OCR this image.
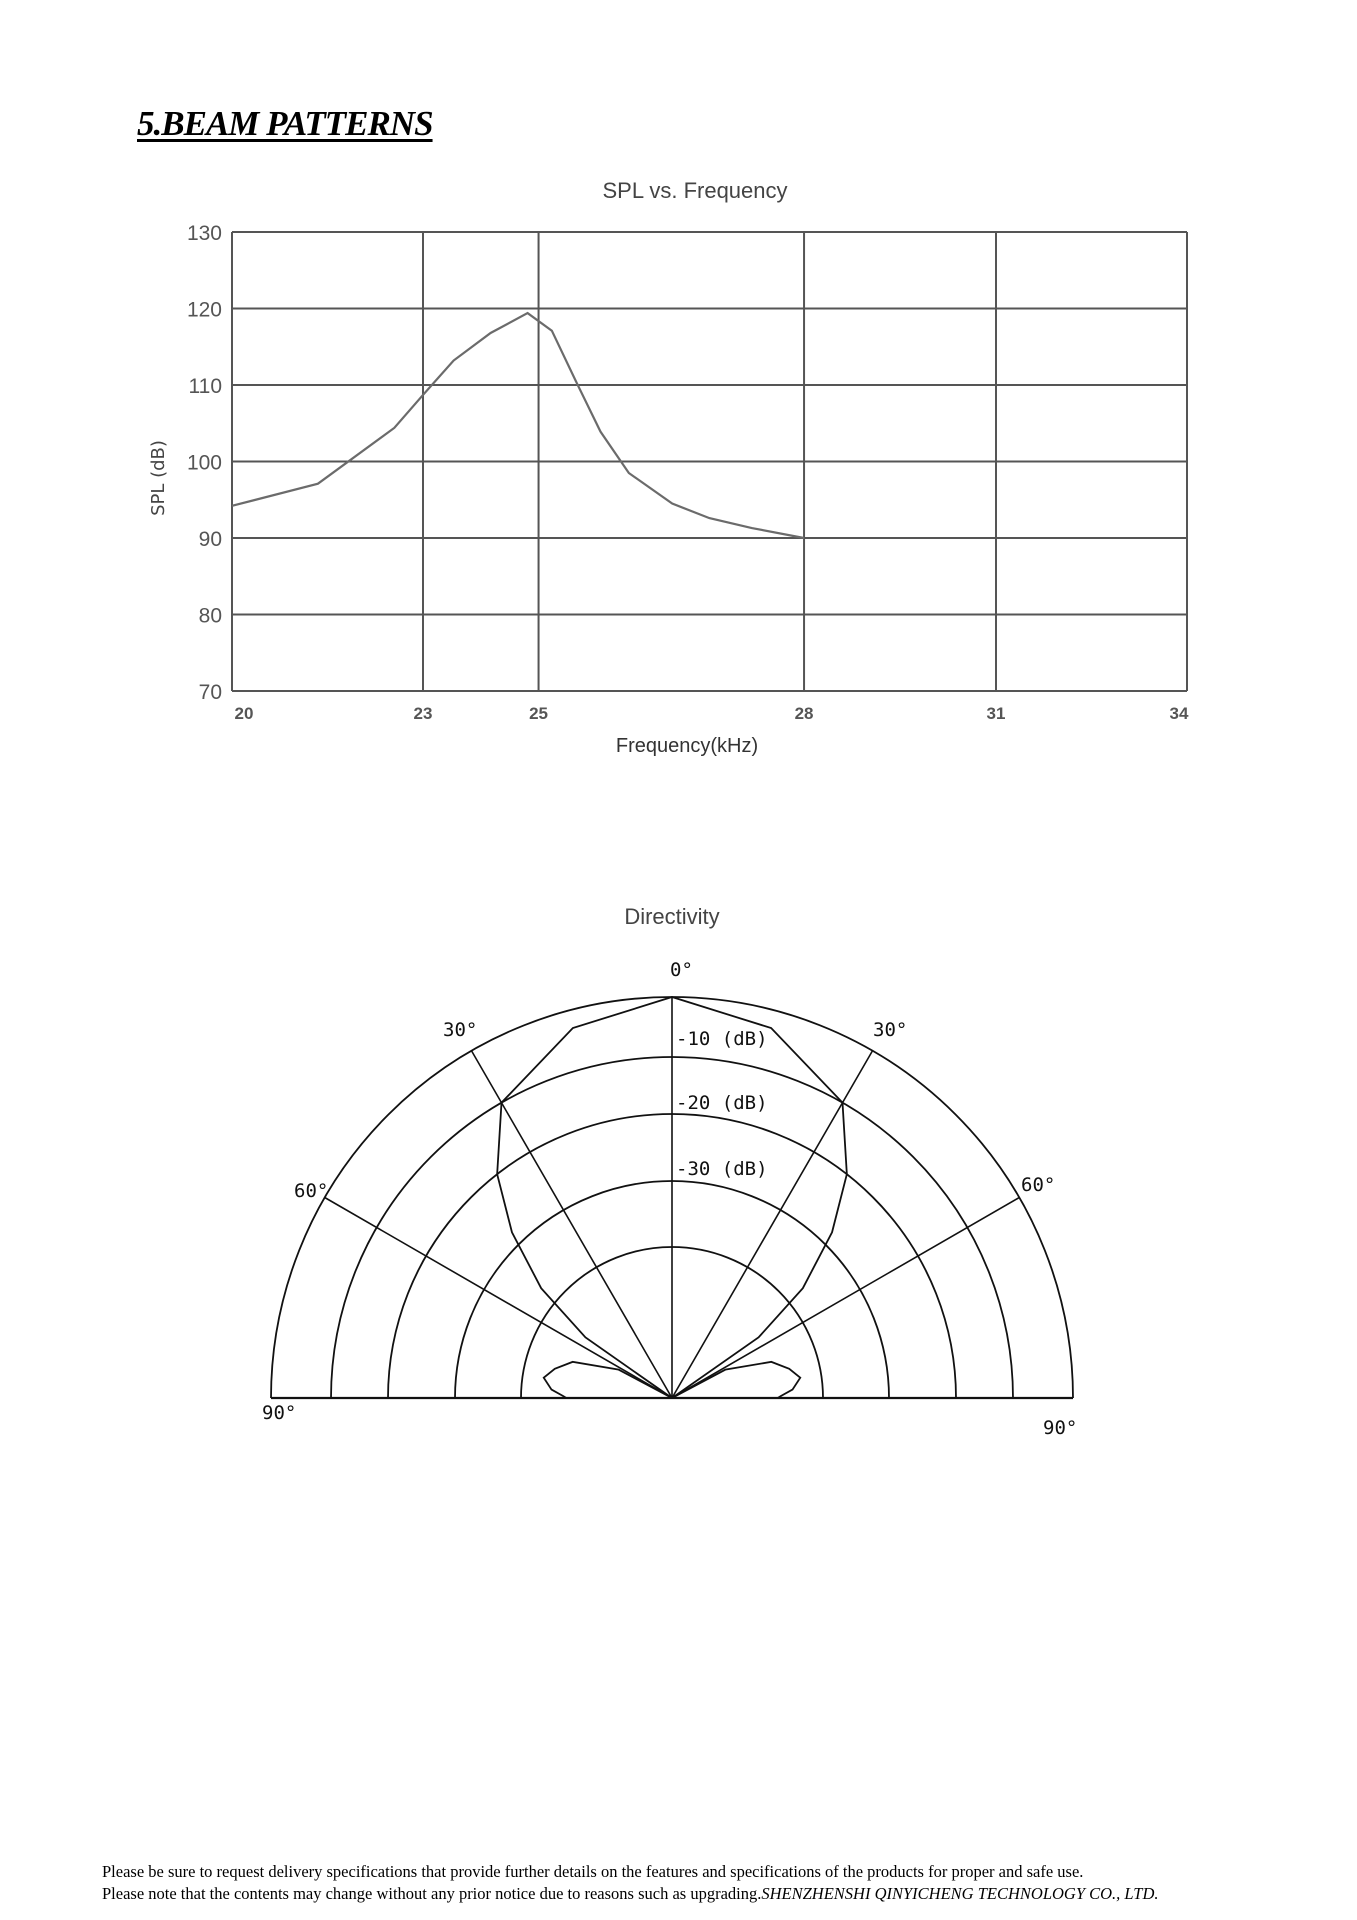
5.BEAM PATTERNS
SPL vs. Frequency
SPL (dB)
Frequency(kHz)
130
120
110
100
90
80
70
20	23	25	28	31	34
Directivity
0°
30°	30°
60°	60°
90°
90°
-10 (dB)
-20 (dB)
-30 (dB)
Please be sure to request delivery specifications that provide further details on the features and specifications of the products for proper and safe use.
Please note that the contents may change without any prior notice due to reasons such as upgrading.SHENZHENSHI QINYICHENG TECHNOLOGY CO., LTD.
